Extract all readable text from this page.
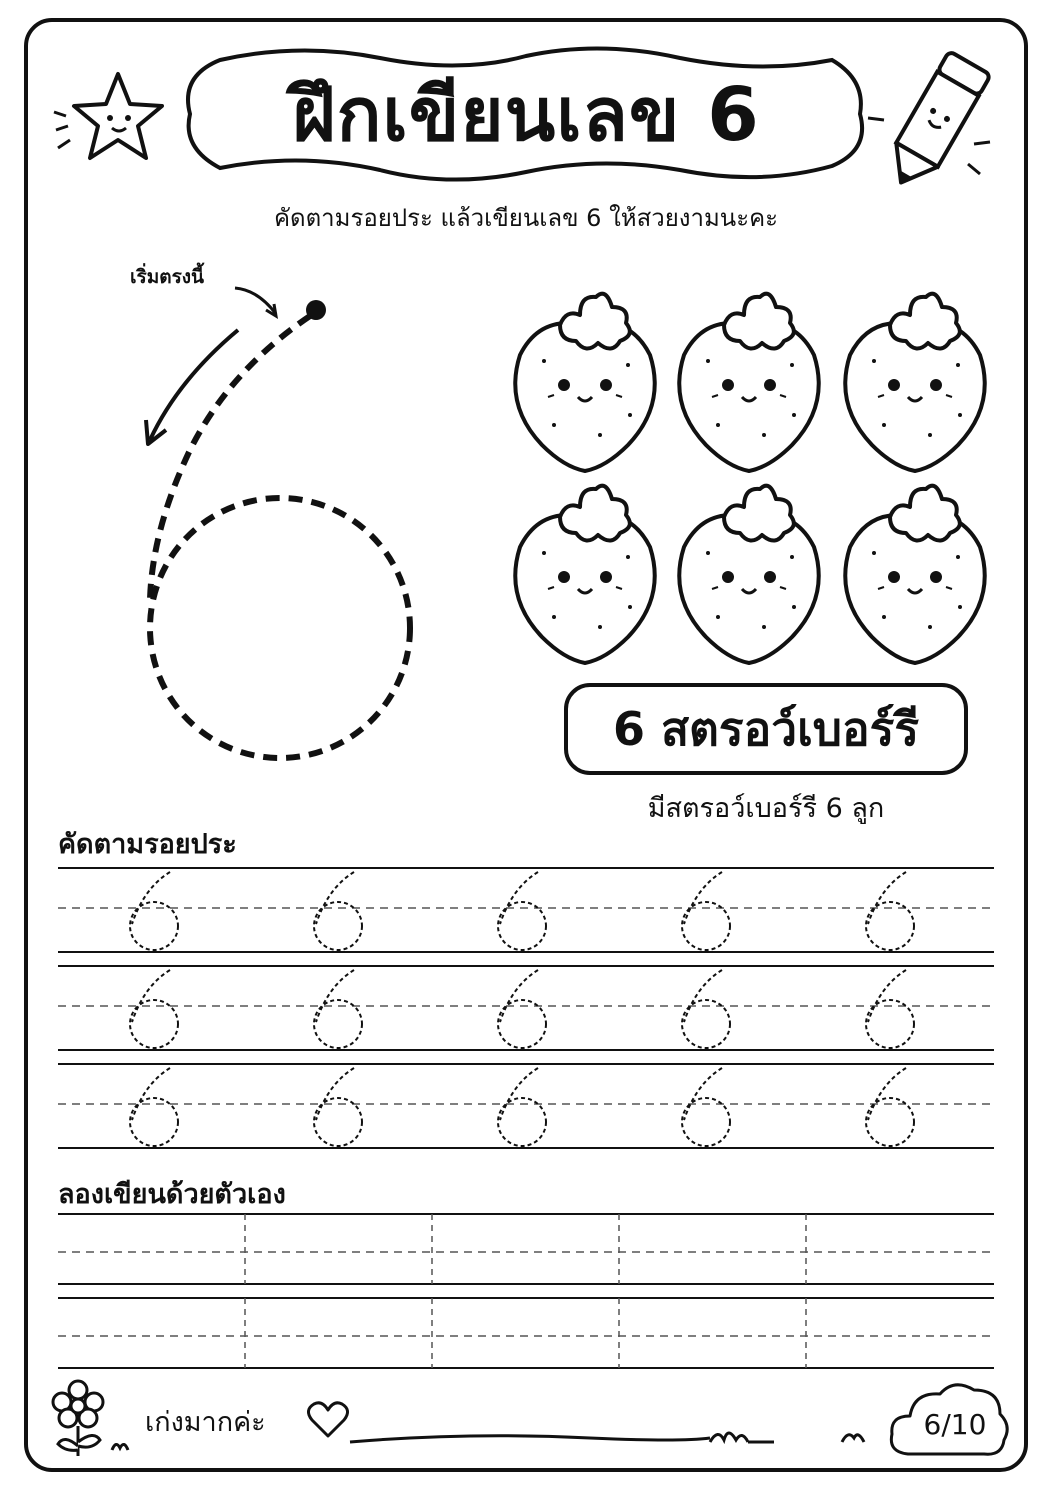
ฝึกเขียนเลข 6
คัดตามรอยประ แล้วเขียนเลข 6 ให้สวยงามนะคะ
เริ่มตรงนี้
6 สตรอว์เบอร์รี
มีสตรอว์เบอร์รี 6 ลูก
คัดตามรอยประ
ลองเขียนด้วยตัวเอง
เก่งมากค่ะ	6/10
